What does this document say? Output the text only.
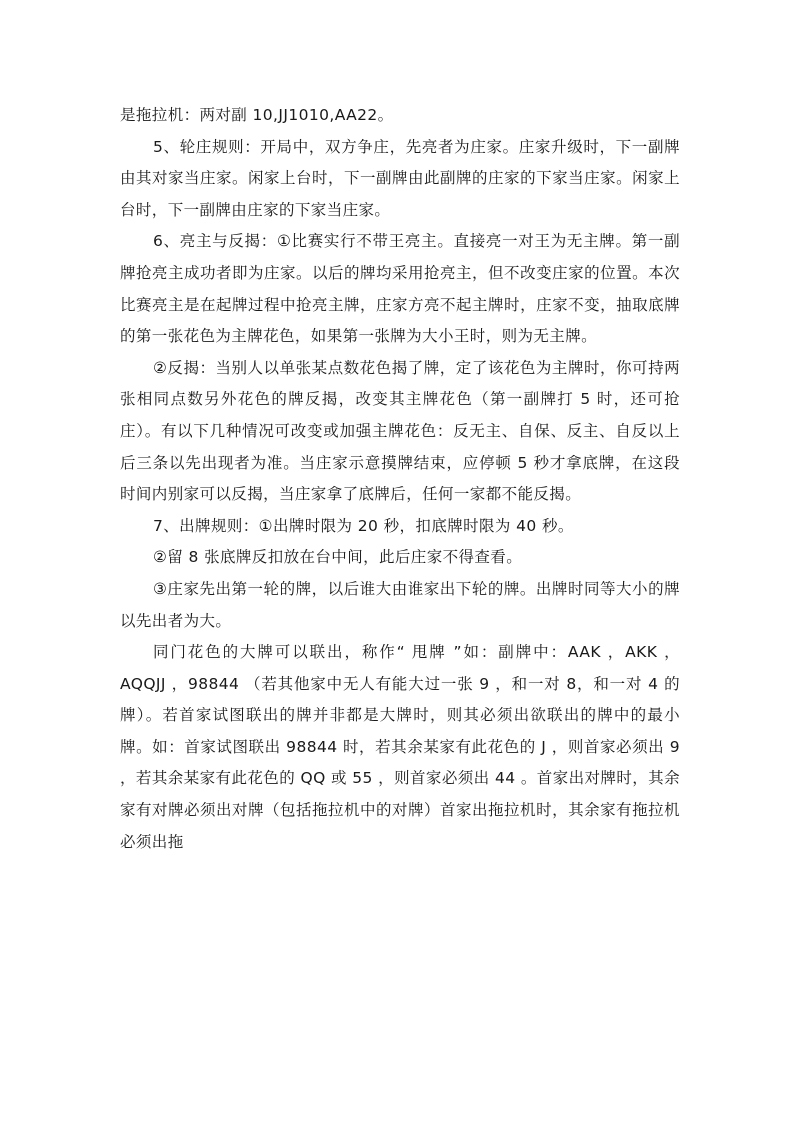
是拖拉机：两对副 10,JJ1010,AA22。

5、轮庄规则：开局中，双方争庄，先亮者为庄家。庄家升级时，下一副牌由其对家当庄家。闲家上台时，下一副牌由此副牌的庄家的下家当庄家。闲家上台时，下一副牌由庄家的下家当庄家。

6、亮主与反揭：①比赛实行不带王亮主。直接亮一对王为无主牌。第一副牌抢亮主成功者即为庄家。以后的牌均采用抢亮主，但不改变庄家的位置。本次比赛亮主是在起牌过程中抢亮主牌，庄家方亮不起主牌时，庄家不变，抽取底牌的第一张花色为主牌花色，如果第一张牌为大小王时，则为无主牌。

②反揭：当别人以单张某点数花色揭了牌，定了该花色为主牌时，你可持两张相同点数另外花色的牌反揭，改变其主牌花色（第一副牌打 5 时，还可抢庄）。有以下几种情况可改变或加强主牌花色：反无主、自保、反主、自反以上后三条以先出现者为准。当庄家示意摸牌结束，应停顿 5 秒才拿底牌，在这段时间内别家可以反揭，当庄家拿了底牌后，任何一家都不能反揭。

7、出牌规则：①出牌时限为 20 秒，扣底牌时限为 40 秒。

②留 8 张底牌反扣放在台中间，此后庄家不得查看。

③庄家先出第一轮的牌，以后谁大由谁家出下轮的牌。出牌时同等大小的牌以先出者为大。

同门花色的大牌可以联出，称作“ 甩牌 ”如：副牌中：AAK ，AKK ，AQQJJ ，98844 （若其他家中无人有能大过一张 9 ，和一对 8，和一对 4 的牌）。若首家试图联出的牌并非都是大牌时，则其必须出欲联出的牌中的最小牌。如：首家试图联出 98844 时，若其余某家有此花色的 J ，则首家必须出 9 ，若其余某家有此花色的 QQ 或 55 ，则首家必须出 44 。首家出对牌时，其余家有对牌必须出对牌（包括拖拉机中的对牌）首家出拖拉机时，其余家有拖拉机必须出拖
